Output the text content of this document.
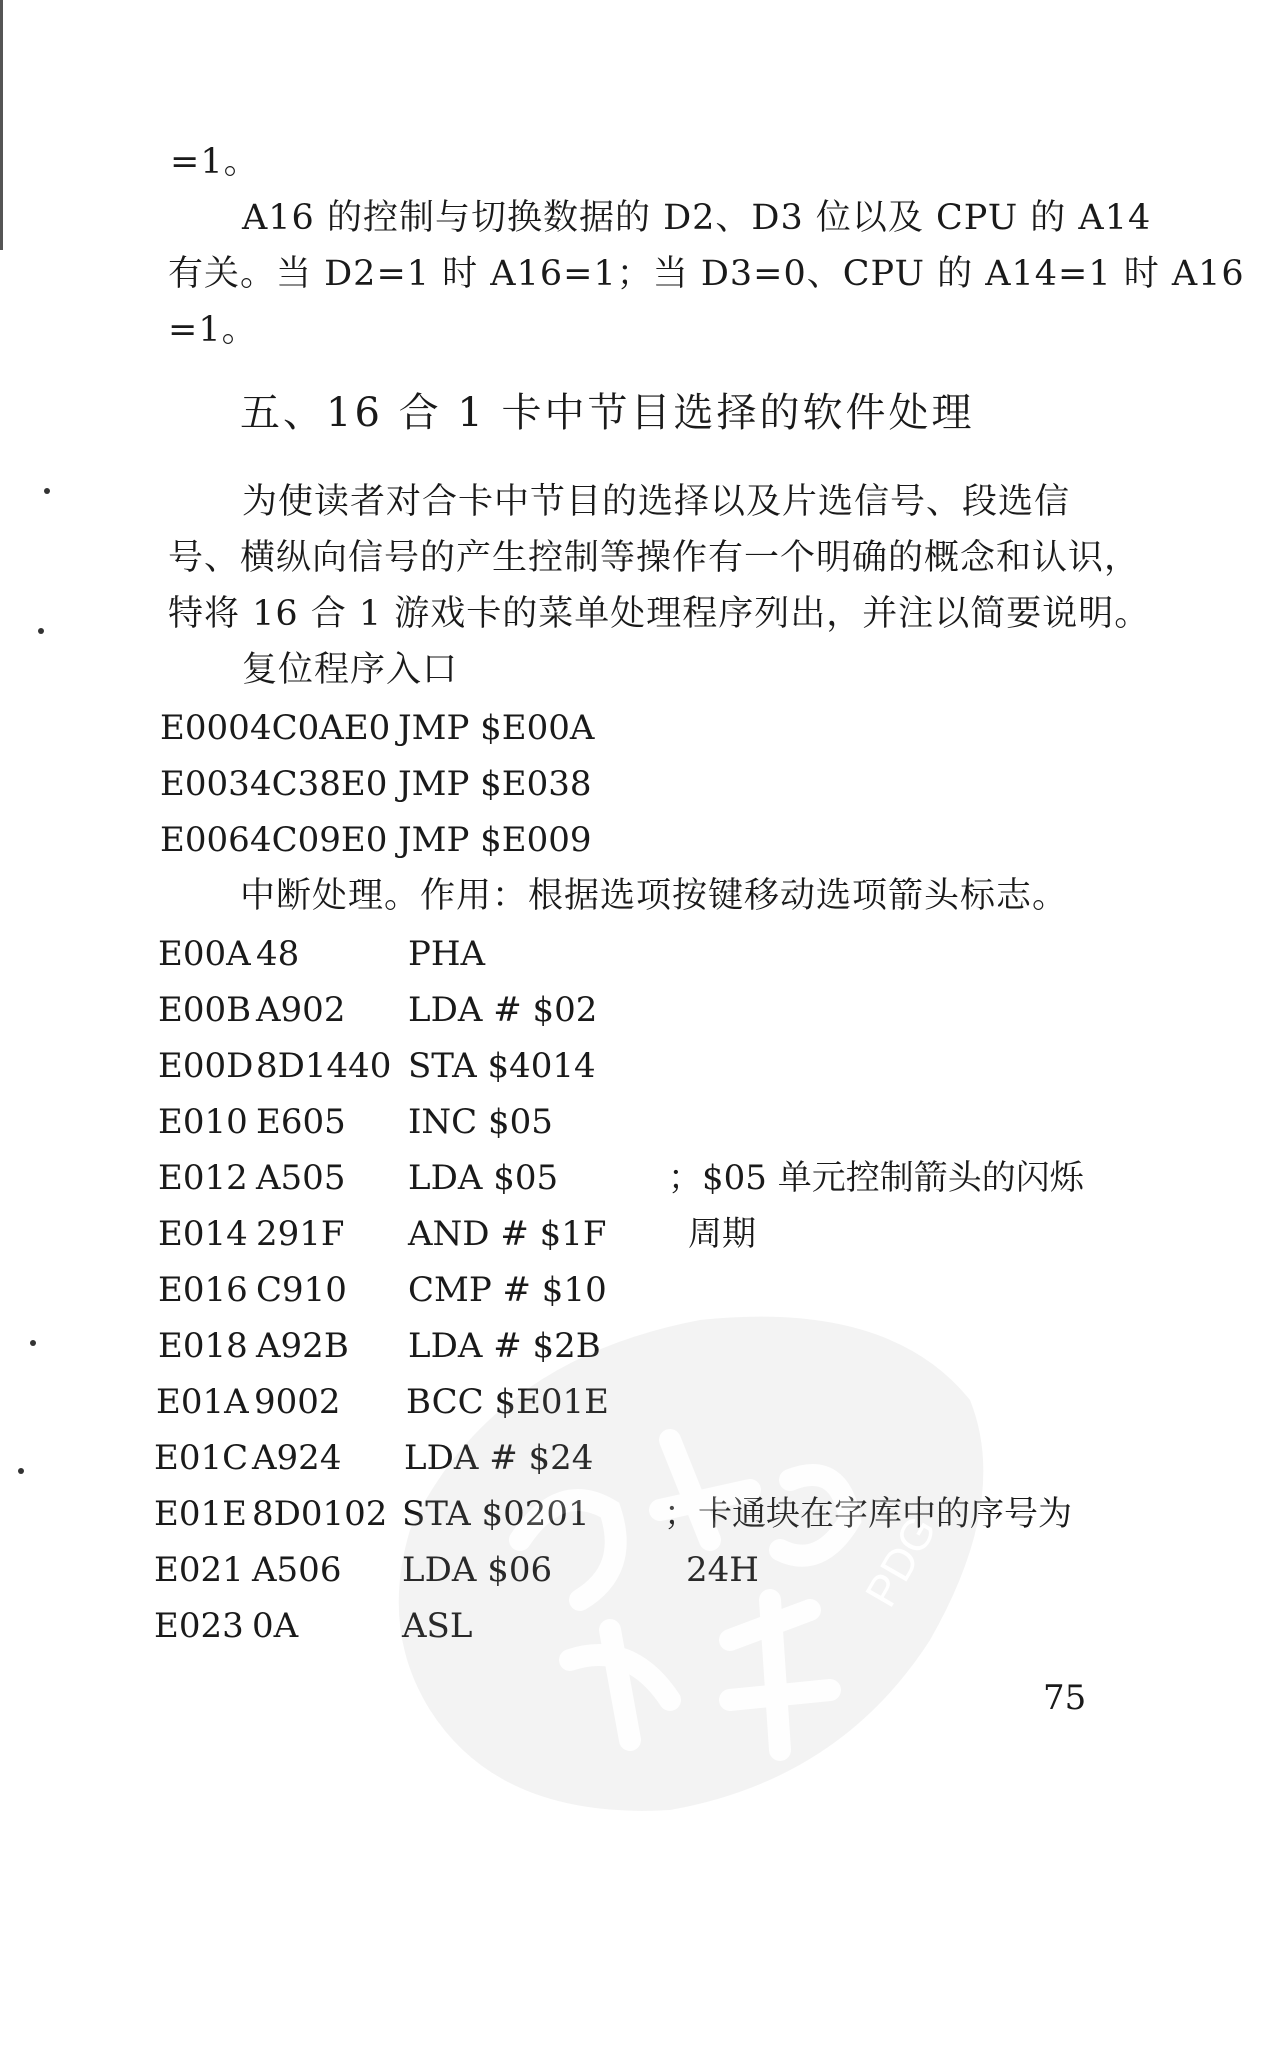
=1。
A16 的控制与切换数据的 D2、D3 位以及 CPU 的 A14
有关。当 D2=1 时 A16=1；当 D3=0、CPU 的 A14=1 时 A16
=1。
五、16 合 1 卡中节目选择的软件处理
为使读者对合卡中节目的选择以及片选信号、段选信
号、横纵向信号的产生控制等操作有一个明确的概念和认识，
特将 16 合 1 游戏卡的菜单处理程序列出，并注以简要说明。
复位程序入口
E000 4C0AE0 JMP $E00A
E003 4C38E0 JMP $E038
E006 4C09E0 JMP $E009
中断处理。作用：根据选项按键移动选项箭头标志。
E00A 48	PHA
E00B A902 LDA # $02
E00D 8D1440 STA $4014
E010 E605 INC $05
E012 A505 LDA $05	；$05 单元控制箭头的闪烁
E014 291F AND # $1F 周期
E016 C910 CMP # $10
E018 A92B LDA # $2B
E01A 9002 BCC $E01E
E01C A924 LDA # $24
E01E 8D0102 STA $0201 ；卡通块在字库中的序号为
E021 A506 LDA $06	24H
E023 0A	ASL
75
PDG
